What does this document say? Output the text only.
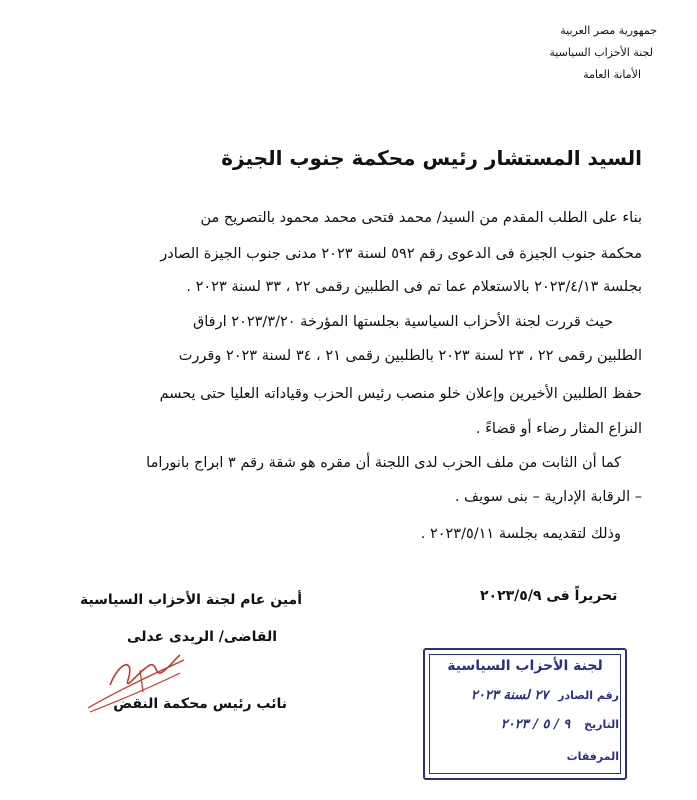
جمهورية مصر العربية
لجنة الأحزاب السياسية
الأمانة العامة
السيد المستشار رئيس محكمة جنوب الجيزة
بناء على الطلب المقدم من السيد/ محمد فتحى محمد محمود بالتصريح من
محكمة جنوب الجيزة فى الدعوى رقم ٥٩٢ لسنة ٢٠٢٣ مدنى جنوب الجيزة الصادر
بجلسة ٢٠٢٣/٤/١٣ بالاستعلام عما تم فى الطلبين رقمى ٢٢ ، ٣٣ لسنة ٢٠٢٣ .
حيث قررت لجنة الأحزاب السياسية بجلستها المؤرخة ٢٠٢٣/٣/٢٠ ارفاق
الطلبين رقمى ٢٢ ، ٢٣ لسنة ٢٠٢٣ بالطلبين رقمى ٢١ ، ٣٤ لسنة ٢٠٢٣ وقررت
حفظ الطلبين الأخيرين وإعلان خلو منصب رئيس الحزب وقياداته العليا حتى يحسم
النزاع المثار رضاء أو قضاءً .
كما أن الثابت من ملف الحزب لدى اللجنة أن مقره هو شقة رقم ٣ ابراج بانوراما
– الرقابة الإدارية – بنى سويف .
وذلك لتقديمه بجلسة ٢٠٢٣/٥/١١ .
تحريراً فى ٢٠٢٣/٥/٩
أمين عام لجنة الأحزاب السياسية
القاضى/ الريدى عدلى
نائب رئيس محكمة النقض
لجنة الأحزاب السياسية
رقم الصادر ٢٧ لسنة ٢٠٢٣
التاريخ ٩ / ٥ / ٢٠٢٣
المرفقات
